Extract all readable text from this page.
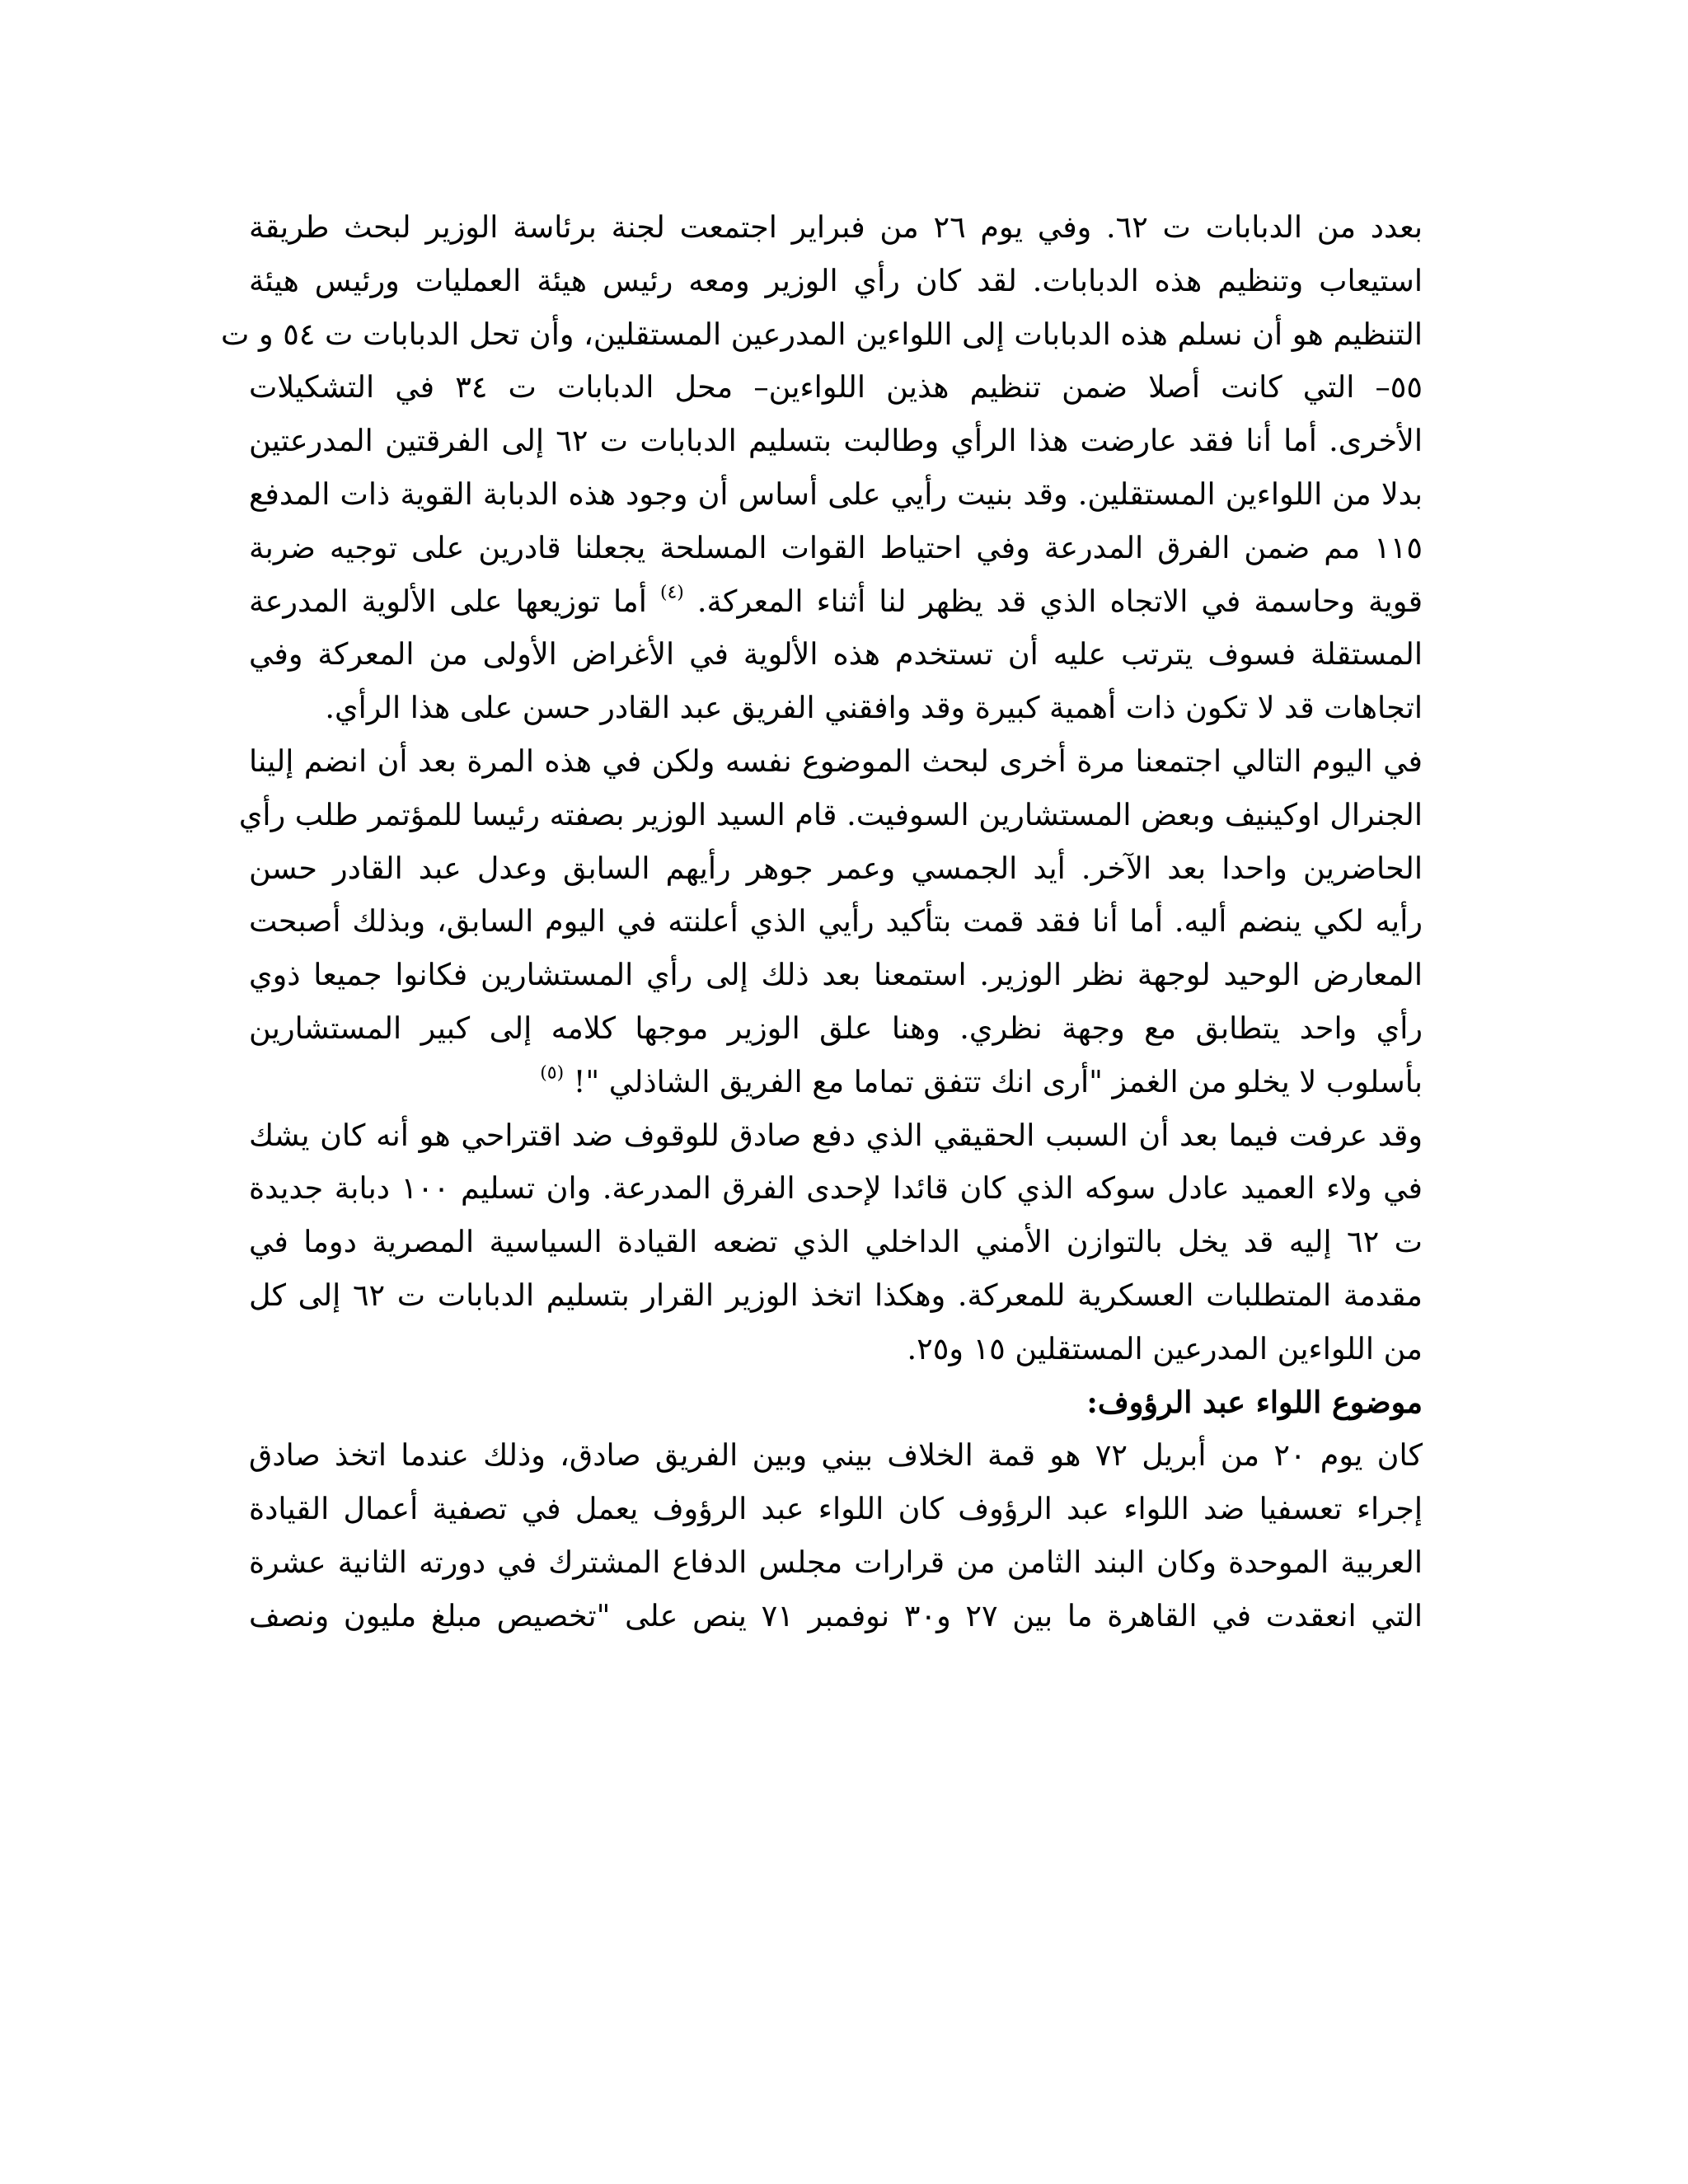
بعدد من الدبابات ت ٦٢. وفي يوم ٢٦ من فبراير اجتمعت لجنة برئاسة الوزير لبحث طريقة
استيعاب وتنظيم هذه الدبابات. لقد كان رأي الوزير ومعه رئيس هيئة العمليات ورئيس هيئة
التنظيم هو أن نسلم هذه الدبابات إلى اللواءين المدرعين المستقلين، وأن تحل الدبابات ت ٥٤ و ت
٥٥– التي كانت أصلا ضمن تنظيم هذين اللواءين– محل الدبابات ت ٣٤ في التشكيلات
الأخرى. أما أنا فقد عارضت هذا الرأي وطالبت بتسليم الدبابات ت ٦٢ إلى الفرقتين المدرعتين
بدلا من اللواءين المستقلين. وقد بنيت رأيي على أساس أن وجود هذه الدبابة القوية ذات المدفع
١١٥ مم ضمن الفرق المدرعة وفي احتياط القوات المسلحة يجعلنا قادرين على توجيه ضربة
قوية وحاسمة في الاتجاه الذي قد يظهر لنا أثناء المعركة. $^{(٤)}$ أما توزيعها على الألوية المدرعة
المستقلة فسوف يترتب عليه أن تستخدم هذه الألوية في الأغراض الأولى من المعركة وفي
اتجاهات قد لا تكون ذات أهمية كبيرة وقد وافقني الفريق عبد القادر حسن على هذا الرأي.
في اليوم التالي اجتمعنا مرة أخرى لبحث الموضوع نفسه ولكن في هذه المرة بعد أن انضم إلينا
الجنرال اوكينيف وبعض المستشارين السوفيت. قام السيد الوزير بصفته رئيسا للمؤتمر طلب رأي
الحاضرين واحدا بعد الآخر. أيد الجمسي وعمر جوهر رأيهم السابق وعدل عبد القادر حسن
رأيه لكي ينضم أليه. أما أنا فقد قمت بتأكيد رأيي الذي أعلنته في اليوم السابق، وبذلك أصبحت
المعارض الوحيد لوجهة نظر الوزير. استمعنا بعد ذلك إلى رأي المستشارين فكانوا جميعا ذوي
رأي واحد يتطابق مع وجهة نظري. وهنا علق الوزير موجها كلامه إلى كبير المستشارين
بأسلوب لا يخلو من الغمز "أرى انك تتفق تماما مع الفريق الشاذلي "! $^{(٥)}$
وقد عرفت فيما بعد أن السبب الحقيقي الذي دفع صادق للوقوف ضد اقتراحي هو أنه كان يشك
في ولاء العميد عادل سوكه الذي كان قائدا لإحدى الفرق المدرعة. وان تسليم ١٠٠ دبابة جديدة
ت ٦٢ إليه قد يخل بالتوازن الأمني الداخلي الذي تضعه القيادة السياسية المصرية دوما في
مقدمة المتطلبات العسكرية للمعركة. وهكذا اتخذ الوزير القرار بتسليم الدبابات ت ٦٢ إلى كل
من اللواءين المدرعين المستقلين ١٥ و٢٥.
موضوع اللواء عبد الرؤوف:
كان يوم ٢٠ من أبريل ٧٢ هو قمة الخلاف بيني وبين الفريق صادق، وذلك عندما اتخذ صادق
إجراء تعسفيا ضد اللواء عبد الرؤوف كان اللواء عبد الرؤوف يعمل في تصفية أعمال القيادة
العربية الموحدة وكان البند الثامن من قرارات مجلس الدفاع المشترك في دورته الثانية عشرة
التي انعقدت في القاهرة ما بين ٢٧ و٣٠ نوفمبر ٧١ ينص على "تخصيص مبلغ مليون ونصف
